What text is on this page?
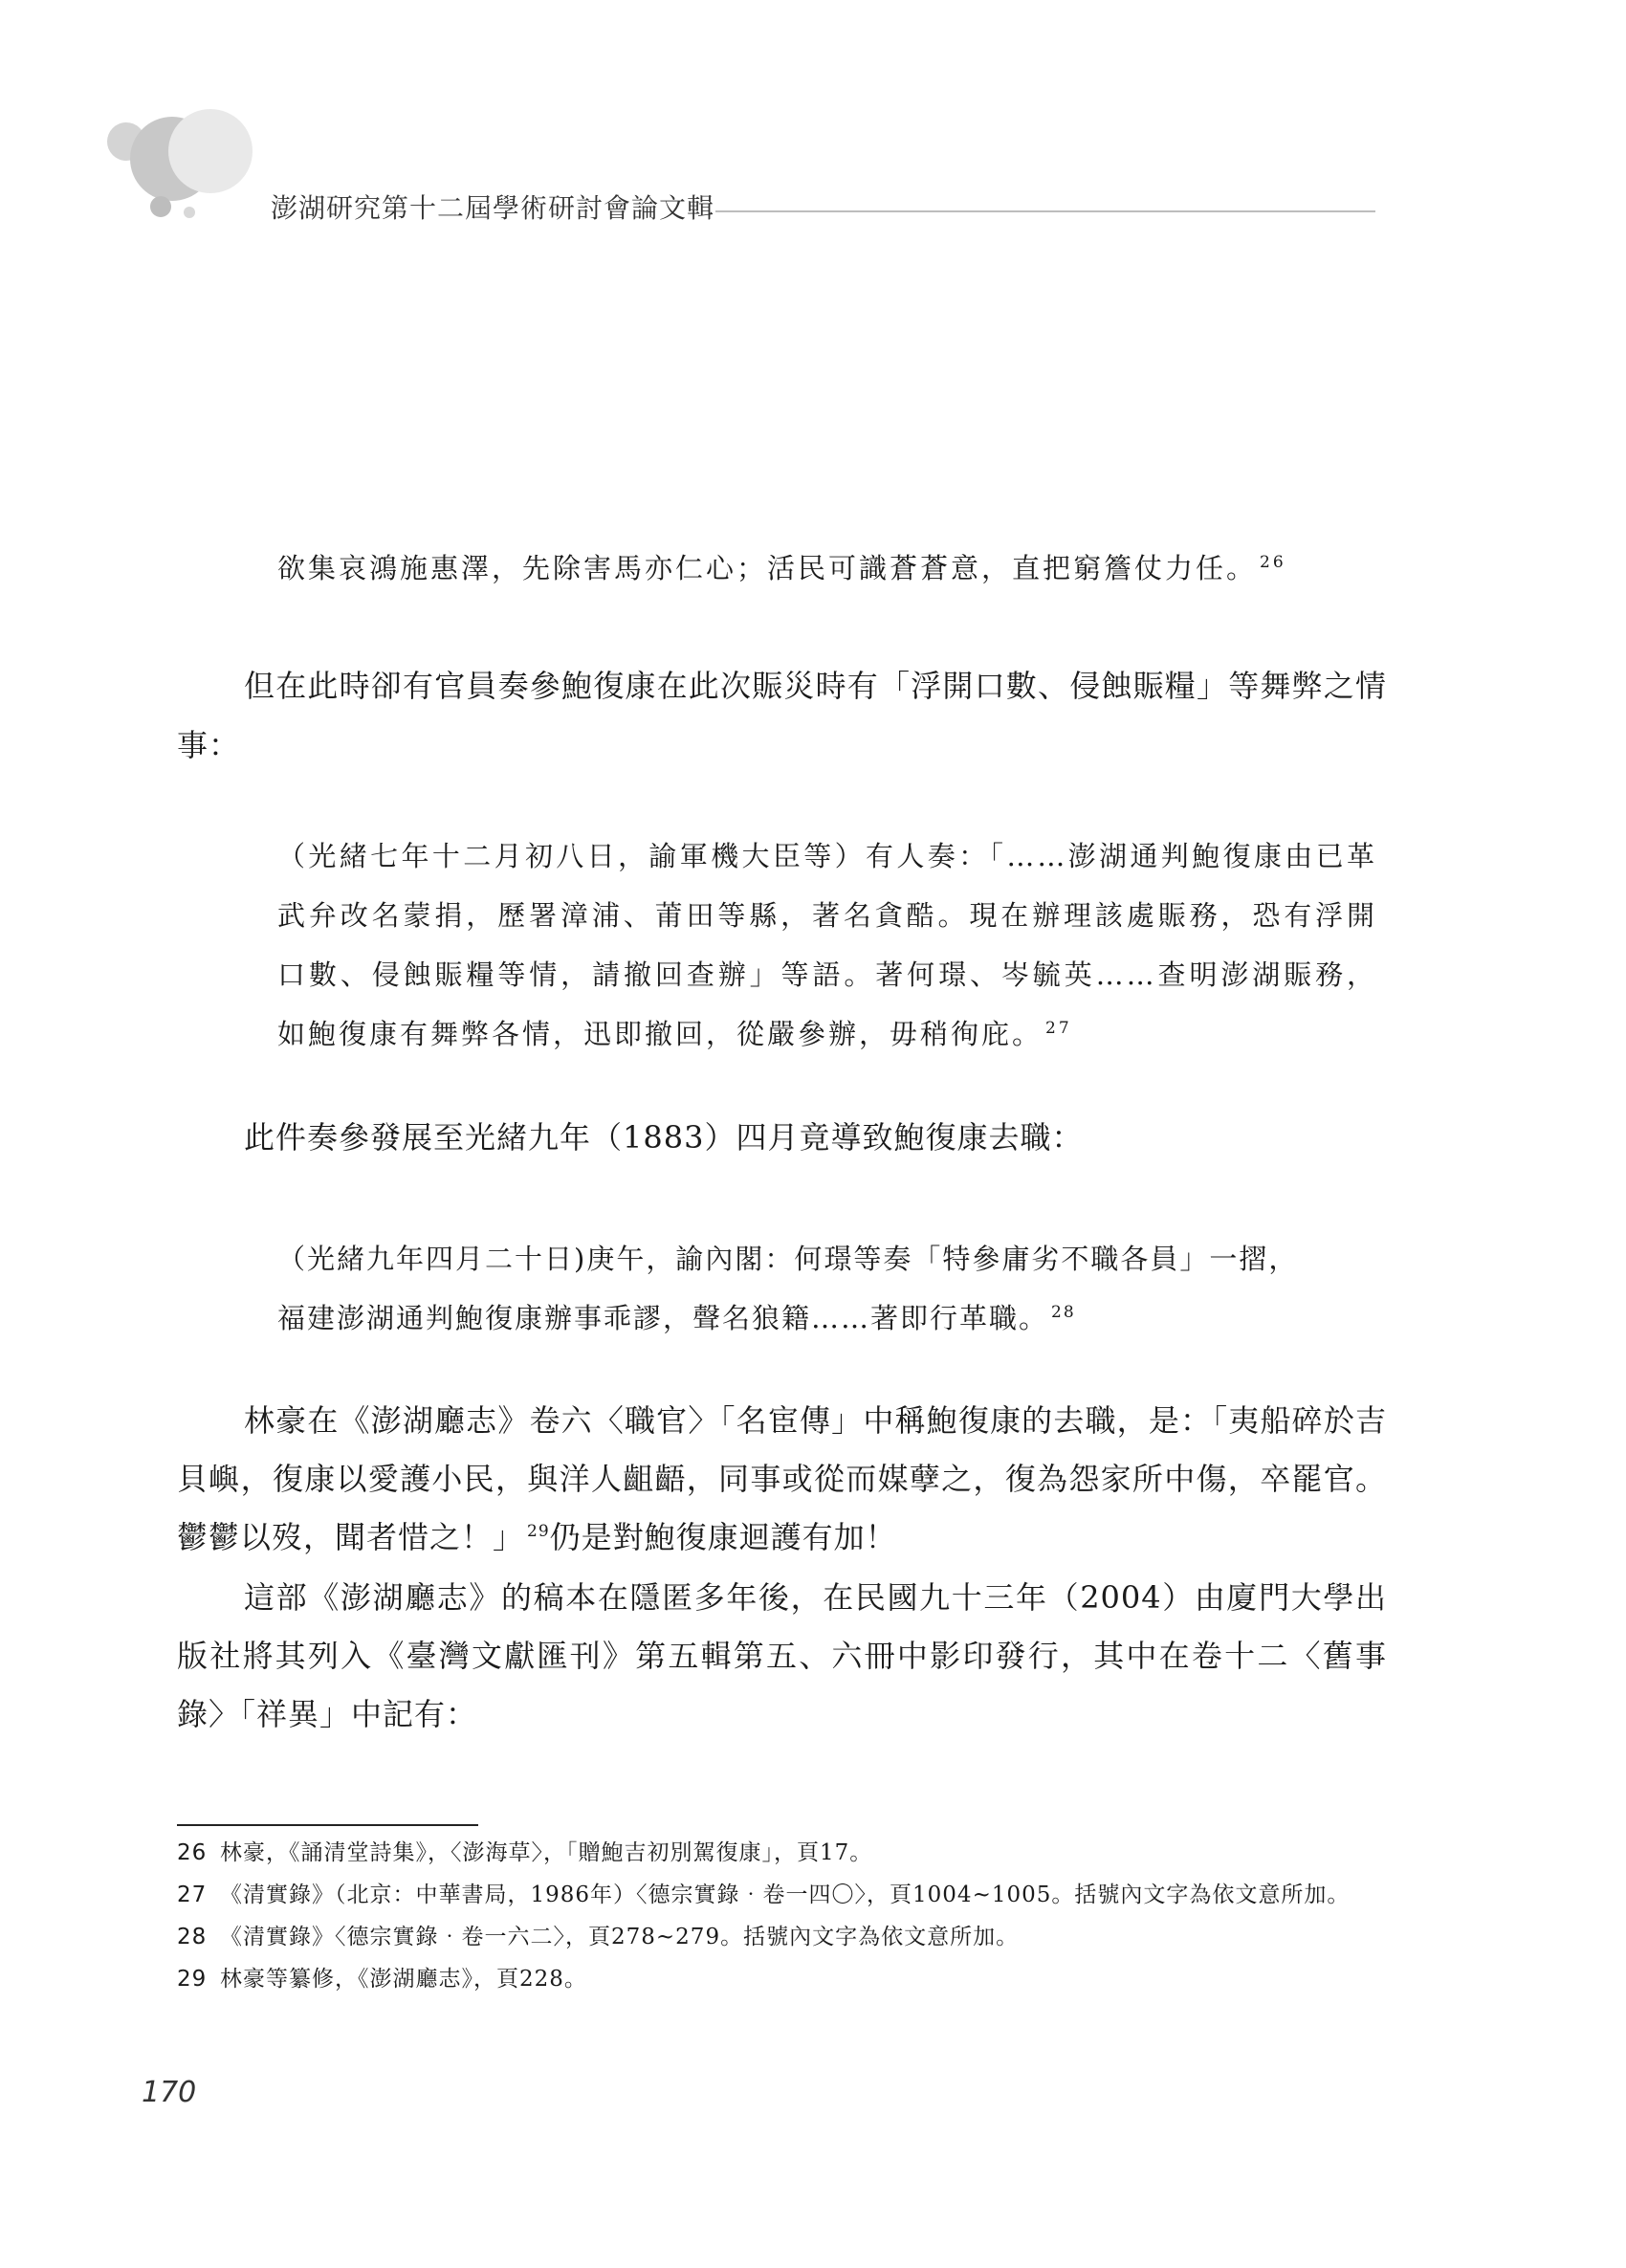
澎湖研究第十二屆學術研討會論文輯

欲集哀鴻施惠澤，先除害馬亦仁心；活民可識蒼蒼意，直把窮簷仗力任。 $^{26}$

但在此時卻有官員奏參鮑復康在此次賑災時有「浮開口數、侵蝕賑糧」等舞弊之情事：

（光緒七年十二月初八日，諭軍機大臣等）有人奏：「……澎湖通判鮑復康由已革武弁改名蒙捐，歷署漳浦、莆田等縣，著名貪酷。現在辦理該處賑務，恐有浮開口數、侵蝕賑糧等情，請撤回查辦」等語。著何璟、岑毓英……查明澎湖賑務，如鮑復康有舞弊各情，迅即撤回，從嚴參辦，毋稍徇庇。 $^{27}$

此件奏參發展至光緒九年（1883）四月竟導致鮑復康去職：

（光緒九年四月二十日)庚午，諭內閣：何璟等奏「特參庸劣不職各員」一摺，
福建澎湖通判鮑復康辦事乖謬，聲名狼籍……著即行革職。 $^{28}$

林豪在《澎湖廳志》卷六〈職官〉「名宦傳」中稱鮑復康的去職，是：「夷船碎於吉貝嶼，復康以愛護小民，與洋人齟齬，同事或從而媒孽之，復為怨家所中傷，卒罷官。鬱鬱以歿，聞者惜之！」 $^{29}$仍是對鮑復康迴護有加！

這部《澎湖廳志》的稿本在隱匿多年後，在民國九十三年（2004）由廈門大學出版社將其列入《臺灣文獻匯刊》第五輯第五、六冊中影印發行，其中在卷十二〈舊事錄〉「祥異」中記有：

26 林豪，《誦清堂詩集》，〈澎海草〉，「贈鮑吉初別駕復康」，頁17。

27 《清實錄》（北京：中華書局，1986年）〈德宗實錄‧卷一四〇〉，頁1004~1005。括號內文字為依文意所加。

28 《清實錄》〈德宗實錄‧卷一六二〉，頁278~279。括號內文字為依文意所加。

29 林豪等纂修，《澎湖廳志》，頁228。

170
